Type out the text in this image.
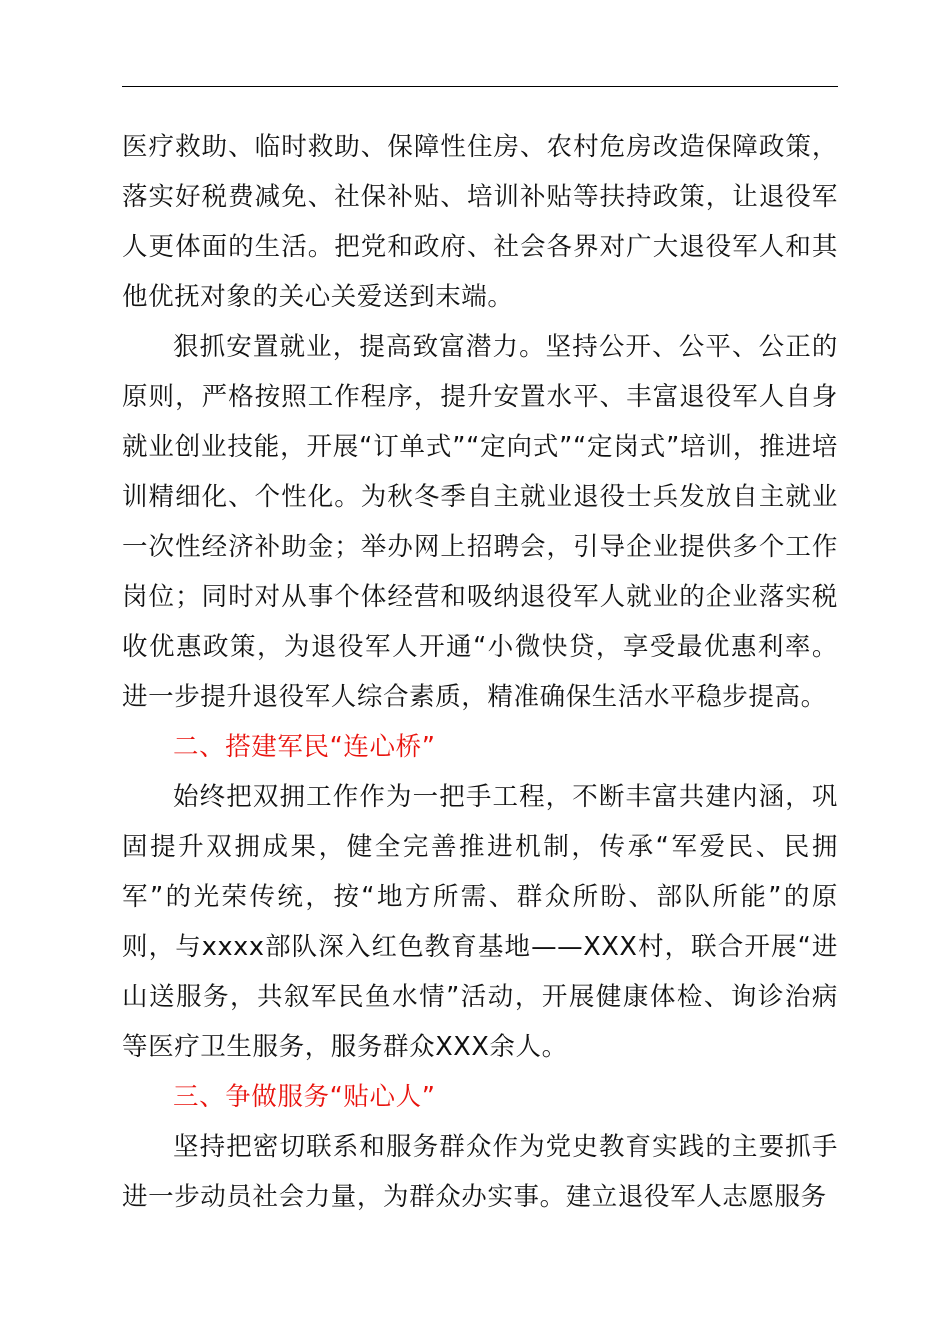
医疗救助、临时救助、保障性住房、农村危房改造保障政策，落实好税费减免、社保补贴、培训补贴等扶持政策，让退役军人更体面的生活。把党和政府、社会各界对广大退役军人和其他优抚对象的关心关爱送到末端。

狠抓安置就业，提高致富潜力。坚持公开、公平、公正的原则，严格按照工作程序，提升安置水平、丰富退役军人自身就业创业技能，开展“订单式”“定向式”“定岗式”培训，推进培训精细化、个性化。为秋冬季自主就业退役士兵发放自主就业一次性经济补助金；举办网上招聘会，引导企业提供多个工作岗位；同时对从事个体经营和吸纳退役军人就业的企业落实税收优惠政策，为退役军人开通“小微快贷，享受最优惠利率。进一步提升退役军人综合素质，精准确保生活水平稳步提高。

二、搭建军民“连心桥”

始终把双拥工作作为一把手工程，不断丰富共建内涵，巩固提升双拥成果，健全完善推进机制，传承“军爱民、民拥军”的光荣传统，按“地方所需、群众所盼、部队所能”的原则，与xxxx部队深入红色教育基地——XXX村，联合开展“进山送服务，共叙军民鱼水情”活动，开展健康体检、询诊治病等医疗卫生服务，服务群众XXX余人。

三、争做服务“贴心人”

坚持把密切联系和服务群众作为党史教育实践的主要抓手进一步动员社会力量，为群众办实事。建立退役军人志愿服务
